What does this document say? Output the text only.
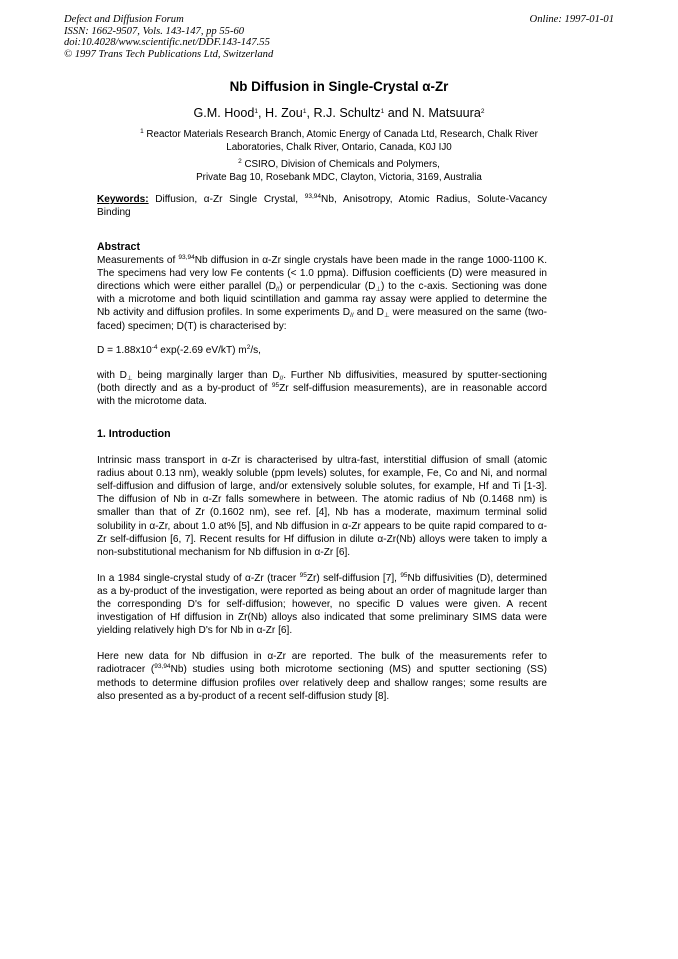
Defect and Diffusion Forum
ISSN: 1662-9507, Vols. 143-147, pp 55-60
doi:10.4028/www.scientific.net/DDF.143-147.55
© 1997 Trans Tech Publications Ltd, Switzerland
Online: 1997-01-01
Nb Diffusion in Single-Crystal α-Zr
G.M. Hood$^1$, H. Zou$^1$, R.J. Schultz$^1$ and N. Matsuura$^2$
$^1$ Reactor Materials Research Branch, Atomic Energy of Canada Ltd, Research, Chalk River
Laboratories, Chalk River, Ontario, Canada, K0J IJ0
$^2$ CSIRO, Division of Chemicals and Polymers,
Private Bag 10, Rosebank MDC, Clayton, Victoria, 3169, Australia
Keywords: Diffusion, α-Zr Single Crystal, $^{93,94}$Nb, Anisotropy, Atomic Radius, Solute-Vacancy Binding
Abstract
Measurements of $^{93,94}$Nb diffusion in α-Zr single crystals have been made in the range 1000-1100 K. The specimens had very low Fe contents (< 1.0 ppma). Diffusion coefficients (D) were measured in directions which were either parallel $(D_{//})$ or perpendicular $(D_\perp)$ to the c-axis. Sectioning was done with a microtome and both liquid scintillation and gamma ray assay were applied to determine the Nb activity and diffusion profiles. In some experiments $D_{//}$ and $D_\perp$ were measured on the same (two-faced) specimen; D(T) is characterised by:
$D = 1.88x10^{-4}$ exp(-2.69 eV/kT) $m^2/s$,
with $D_\perp$ being marginally larger than $D_{//}$. Further Nb diffusivities, measured by sputter-sectioning (both directly and as a by-product of $^{95}$Zr self-diffusion measurements), are in reasonable accord with the microtome data.
1. Introduction
Intrinsic mass transport in α-Zr is characterised by ultra-fast, interstitial diffusion of small (atomic radius about 0.13 nm), weakly soluble (ppm levels) solutes, for example, Fe, Co and Ni, and normal self-diffusion and diffusion of large, and/or extensively soluble solutes, for example, Hf and Ti [1-3]. The diffusion of Nb in α-Zr falls somewhere in between. The atomic radius of Nb (0.1468 nm) is smaller than that of Zr (0.1602 nm), see ref. [4], Nb has a moderate, maximum terminal solid solubility in α-Zr, about 1.0 at% [5], and Nb diffusion in α-Zr appears to be quite rapid compared to α-Zr self-diffusion [6, 7]. Recent results for Hf diffusion in dilute α-Zr(Nb) alloys were taken to imply a non-substitutional mechanism for Nb diffusion in α-Zr [6].
In a 1984 single-crystal study of α-Zr (tracer $^{95}$Zr) self-diffusion [7], $^{95}$Nb diffusivities (D), determined as a by-product of the investigation, were reported as being about an order of magnitude larger than the corresponding D's for self-diffusion; however, no specific D values were given. A recent investigation of Hf diffusion in Zr(Nb) alloys also indicated that some preliminary SIMS data were yielding relatively high D's for Nb in α-Zr [6].
Here new data for Nb diffusion in α-Zr are reported. The bulk of the measurements refer to radiotracer ($^{93,94}$Nb) studies using both microtome sectioning (MS) and sputter sectioning (SS) methods to determine diffusion profiles over relatively deep and shallow ranges; some results are also presented as a by-product of a recent self-diffusion study [8].
